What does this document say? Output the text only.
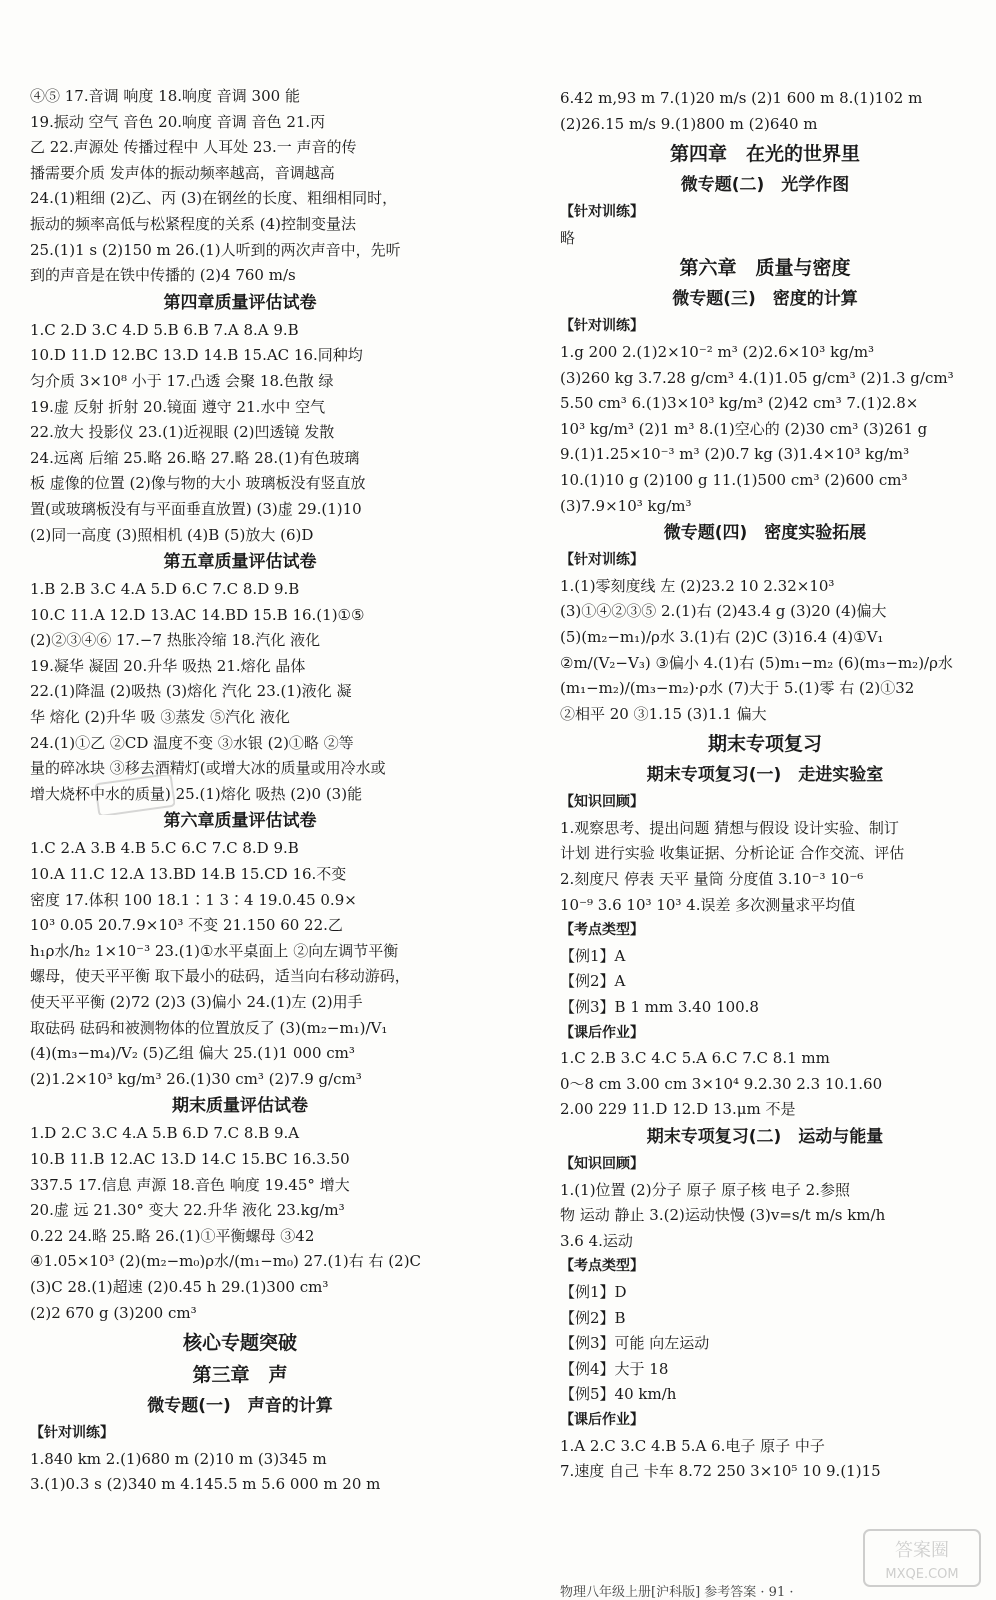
④⑤ 17.音调 响度 18.响度 音调 300 能
19.振动 空气 音色 20.响度 音调 音色 21.丙
乙 22.声源处 传播过程中 人耳处 23.一 声音的传
播需要介质 发声体的振动频率越高，音调越高
24.(1)粗细 (2)乙、丙 (3)在钢丝的长度、粗细相同时，
振动的频率高低与松紧程度的关系 (4)控制变量法
25.(1)1 s (2)150 m 26.(1)人听到的两次声音中，先听
到的声音是在铁中传播的 (2)4 760 m/s
第四章质量评估试卷
1.C 2.D 3.C 4.D 5.B 6.B 7.A 8.A 9.B
10.D 11.D 12.BC 13.D 14.B 15.AC 16.同种均
匀介质 3×10⁸ 小于 17.凸透 会聚 18.色散 绿
19.虚 反射 折射 20.镜面 遵守 21.水中 空气
22.放大 投影仪 23.(1)近视眼 (2)凹透镜 发散
24.远离 后缩 25.略 26.略 27.略 28.(1)有色玻璃
板 虚像的位置 (2)像与物的大小 玻璃板没有竖直放
置(或玻璃板没有与平面垂直放置) (3)虚 29.(1)10
(2)同一高度 (3)照相机 (4)B (5)放大 (6)D
第五章质量评估试卷
1.B 2.B 3.C 4.A 5.D 6.C 7.C 8.D 9.B
10.C 11.A 12.D 13.AC 14.BD 15.B 16.(1)①⑤
(2)②③④⑥ 17.−7 热胀冷缩 18.汽化 液化
19.凝华 凝固 20.升华 吸热 21.熔化 晶体
22.(1)降温 (2)吸热 (3)熔化 汽化 23.(1)液化 凝
华 熔化 (2)升华 吸 ③蒸发 ⑤汽化 液化
24.(1)①乙 ②CD 温度不变 ③水银 (2)①略 ②等
量的碎冰块 ③移去酒精灯(或增大冰的质量或用冷水或
增大烧杯中水的质量) 25.(1)熔化 吸热 (2)0 (3)能
第六章质量评估试卷
1.C 2.A 3.B 4.B 5.C 6.C 7.C 8.D 9.B
10.A 11.C 12.A 13.BD 14.B 15.CD 16.不变
密度 17.体积 100 18.1∶1 3∶4 19.0.45 0.9×
10³ 0.05 20.7.9×10³ 不变 21.150 60 22.乙
h₁ρ水/h₂ 1×10⁻³ 23.(1)①水平桌面上 ②向左调节平衡
螺母，使天平平衡 取下最小的砝码，适当向右移动游码，
使天平平衡 (2)72 (2)3 (3)偏小 24.(1)左 (2)用手
取砝码 砝码和被测物体的位置放反了 (3)(m₂−m₁)/V₁
(4)(m₃−m₄)/V₂ (5)乙组 偏大 25.(1)1 000 cm³
(2)1.2×10³ kg/m³ 26.(1)30 cm³ (2)7.9 g/cm³
期末质量评估试卷
1.D 2.C 3.C 4.A 5.B 6.D 7.C 8.B 9.A
10.B 11.B 12.AC 13.D 14.C 15.BC 16.3.50
337.5 17.信息 声源 18.音色 响度 19.45° 增大
20.虚 远 21.30° 变大 22.升华 液化 23.kg/m³
0.22 24.略 25.略 26.(1)①平衡螺母 ③42
④1.05×10³ (2)(m₂−m₀)ρ水/(m₁−m₀) 27.(1)右 右 (2)C
(3)C 28.(1)超速 (2)0.45 h 29.(1)300 cm³
(2)2 670 g (3)200 cm³
核心专题突破
第三章　声
微专题(一)　声音的计算
【针对训练】
1.840 km 2.(1)680 m (2)10 m (3)345 m
3.(1)0.3 s (2)340 m 4.145.5 m 5.6 000 m 20 m
6.42 m,93 m 7.(1)20 m/s (2)1 600 m 8.(1)102 m
(2)26.15 m/s 9.(1)800 m (2)640 m
第四章　在光的世界里
微专题(二)　光学作图
【针对训练】
略
第六章　质量与密度
微专题(三)　密度的计算
【针对训练】
1.g 200 2.(1)2×10⁻² m³ (2)2.6×10³ kg/m³
(3)260 kg 3.7.28 g/cm³ 4.(1)1.05 g/cm³ (2)1.3 g/cm³
5.50 cm³ 6.(1)3×10³ kg/m³ (2)42 cm³ 7.(1)2.8×
10³ kg/m³ (2)1 m³ 8.(1)空心的 (2)30 cm³ (3)261 g
9.(1)1.25×10⁻³ m³ (2)0.7 kg (3)1.4×10³ kg/m³
10.(1)10 g (2)100 g 11.(1)500 cm³ (2)600 cm³
(3)7.9×10³ kg/m³
微专题(四)　密度实验拓展
【针对训练】
1.(1)零刻度线 左 (2)23.2 10 2.32×10³
(3)①④②③⑤ 2.(1)右 (2)43.4 g (3)20 (4)偏大
(5)(m₂−m₁)/ρ水 3.(1)右 (2)C (3)16.4 (4)①V₁
②m/(V₂−V₃) ③偏小 4.(1)右 (5)m₁−m₂ (6)(m₃−m₂)/ρ水
(m₁−m₂)/(m₃−m₂)·ρ水 (7)大于 5.(1)零 右 (2)①32
②相平 20 ③1.15 (3)1.1 偏大
期末专项复习
期末专项复习(一)　走进实验室
【知识回顾】
1.观察思考、提出问题 猜想与假设 设计实验、制订
计划 进行实验 收集证据、分析论证 合作交流、评估
2.刻度尺 停表 天平 量筒 分度值 3.10⁻³ 10⁻⁶
10⁻⁹ 3.6 10³ 10³ 4.误差 多次测量求平均值
【考点类型】
【例1】A
【例2】A
【例3】B 1 mm 3.40 100.8
【课后作业】
1.C 2.B 3.C 4.C 5.A 6.C 7.C 8.1 mm
0～8 cm 3.00 cm 3×10⁴ 9.2.30 2.3 10.1.60
2.00 229 11.D 12.D 13.μm 不是
期末专项复习(二)　运动与能量
【知识回顾】
1.(1)位置 (2)分子 原子 原子核 电子 2.参照
物 运动 静止 3.(2)运动快慢 (3)v=s/t m/s km/h
3.6 4.运动
【考点类型】
【例1】D
【例2】B
【例3】可能 向左运动
【例4】大于 18
【例5】40 km/h
【课后作业】
1.A 2.C 3.C 4.B 5.A 6.电子 原子 中子
7.速度 自己 卡车 8.72 250 3×10⁵ 10 9.(1)15
物理八年级上册[沪科版] 参考答案 · 91 ·
答案圈
MXQE.COM
